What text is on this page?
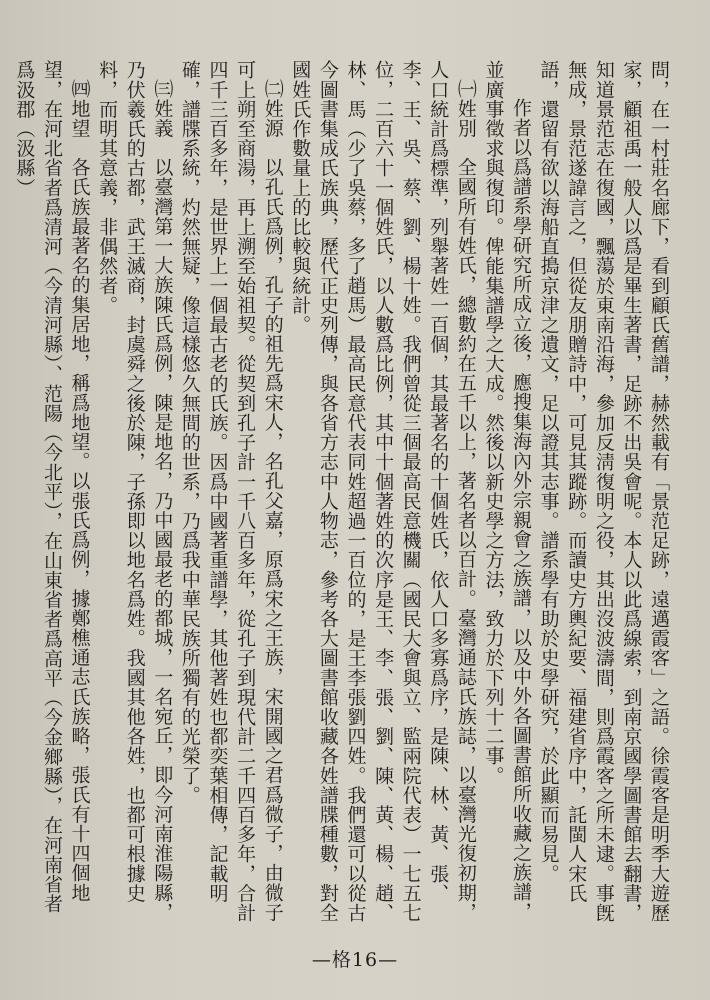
問，在一村莊名廊下，看到顧氏舊譜，赫然載有「景范足跡，遠邁霞客」之語。徐霞客是明季大遊歷家，顧祖禹一般人以爲是畢生著書，足跡不出吳會呢。本人以此爲線索，到南京國學圖書館去翻書，知道景范志在復國，飄蕩於東南沿海，參加反淸復明之役，其出沒波濤間，則爲霞客之所未逮。事旣無成，景范遂諱言之，但從友朋贈詩中，可見其蹤跡。而讀史方輿紀要、福建省序中，託閩人宋氏語，還留有欲以海船直搗京津之遺文，足以證其志事。譜系學有助於史學研究，於此顯而易見。

作者以爲譜系學研究所成立後，應搜集海內外宗親會之族譜，以及中外各圖書館所收藏之族譜，並廣事徵求與復印。俾能集譜學之大成。然後以新史學之方法，致力於下列十二事。

㈠姓別　全國所有姓氏，總數約在五千以上，著名者以百計。臺灣通誌氏族誌，以臺灣光復初期，人口統計爲標準，列舉著姓一百個，其最著名的十個姓氏，依人口多寡爲序，是陳、林、黃、張、李、王、吳、蔡、劉、楊十姓。我們曾從三個最高民意機關（國民大會與立、監兩院代表）一七五七位，二百六十一個姓氏，以人數爲比例，其中十個著姓的次序是王、李、張、劉、陳、黃、楊、趙、林、馬（少了吳蔡，多了趙馬）最高民意代表同姓超過一百位的，是王李張劉四姓。我們還可以從古今圖書集成氏族典，歷代正史列傳，與各省方志中人物志，參考各大圖書館收藏各姓譜牒種數，對全國姓氏作數量上的比較與統計。

㈡姓源　以孔氏爲例，孔子的祖先爲宋人，名孔父嘉，原爲宋之王族，宋開國之君爲微子，由微子可上朔至商湯，再上溯至始祖契。從契到孔子計一千八百多年，從孔子到現代計二千四百多年，合計四千三百多年，是世界上一個最古老的氏族。因爲中國著重譜學，其他著姓也都奕葉相傳，記載明確，譜牒系統，灼然無疑，像這樣悠久無間的世系，乃爲我中華民族所獨有的光榮了。

㈢姓義　以臺灣第一大族陳氏爲例，陳是地名，乃中國最老的都城，一名宛丘，即今河南淮陽縣，乃伏羲氏的古都，武王滅商，封虞舜之後於陳，子孫即以地名爲姓。我國其他各姓，也都可根據史料，而明其意義，非偶然者。

㈣地望　各氏族最著名的集居地，稱爲地望。以張氏爲例，據鄭樵通志氏族略，張氏有十四個地望，在河北省者爲清河（今清河縣）、范陽（今北平），在山東省者爲高平（今金鄉縣），在河南省者爲汲郡（汲縣）

—格16—
